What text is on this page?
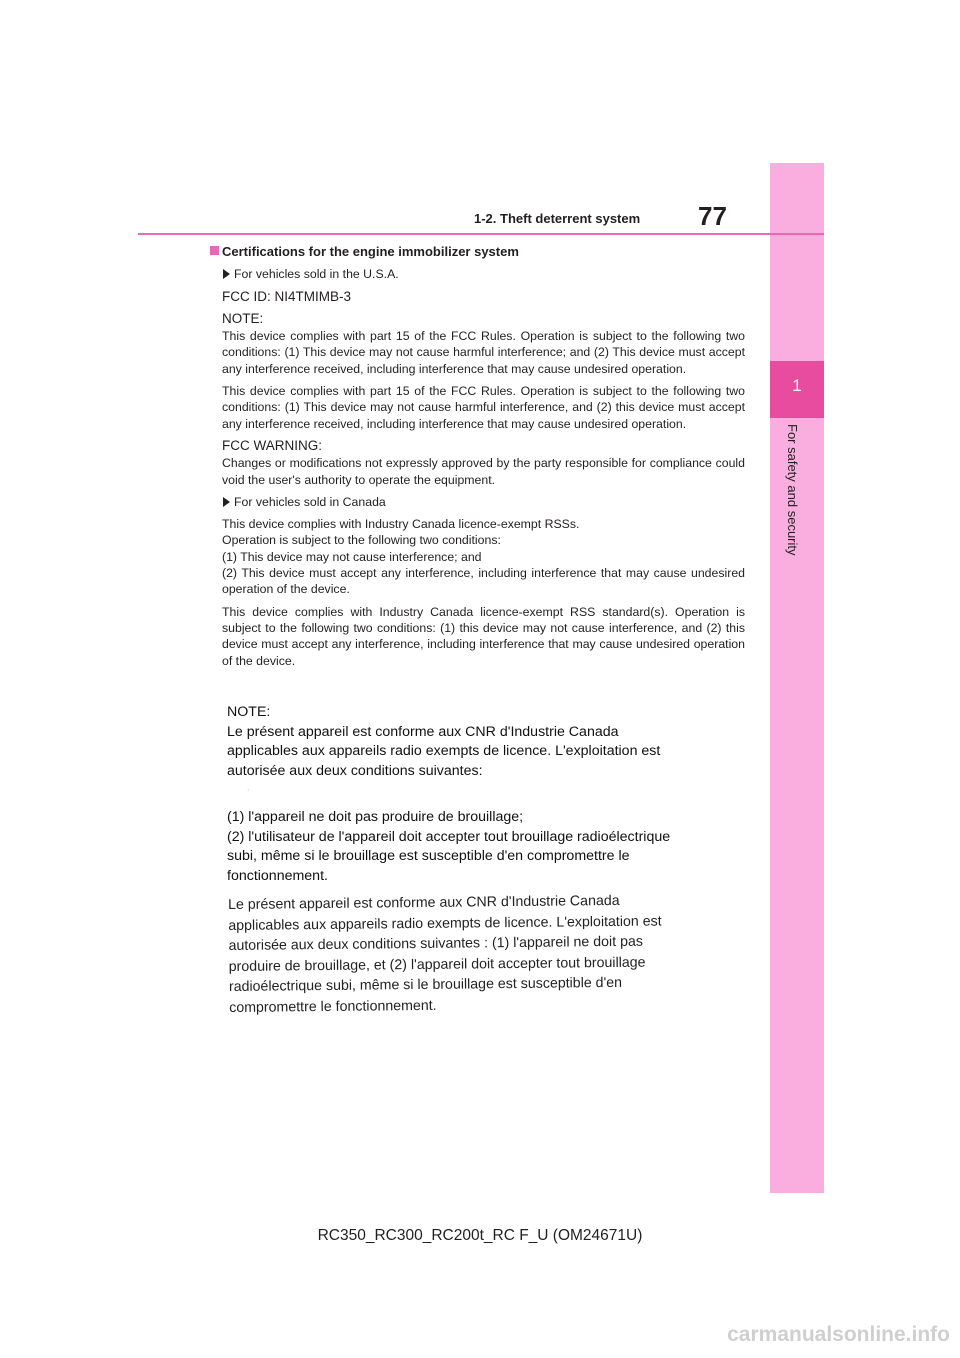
1
For safety and security
1-2. Theft deterrent system 77
Certifications for the engine immobilizer system
For vehicles sold in the U.S.A.

FCC ID: NI4TMIMB-3

NOTE:
This device complies with part 15 of the FCC Rules. Operation is subject to the following two conditions: (1) This device may not cause harmful interference; and (2) This device must accept any interference received, including interference that may cause undesired operation.

This device complies with part 15 of the FCC Rules. Operation is subject to the following two conditions: (1) This device may not cause harmful interference, and (2) this device must accept any interference received, including interference that may cause undesired operation.

FCC WARNING:
Changes or modifications not expressly approved by the party responsible for compliance could void the user's authority to operate the equipment.

For vehicles sold in Canada

This device complies with Industry Canada licence-exempt RSSs.
Operation is subject to the following two conditions:
(1) This device may not cause interference; and
(2) This device must accept any interference, including interference that may cause undesired operation of the device.

This device complies with Industry Canada licence-exempt RSS standard(s). Operation is subject to the following two conditions: (1) this device may not cause interference, and (2) this device must accept any interference, including interference that may cause undesired operation of the device.

NOTE:
Le présent appareil est conforme aux CNR d'Industrie Canada
applicables aux appareils radio exempts de licence. L'exploitation est
autorisée aux deux conditions suivantes:
·
(1) l'appareil ne doit pas produire de brouillage;
(2) l'utilisateur de l'appareil doit accepter tout brouillage radioélectrique
subi, même si le brouillage est susceptible d'en compromettre le
fonctionnement.
Le présent appareil est conforme aux CNR d'Industrie Canada
applicables aux appareils radio exempts de licence. L'exploitation est
autorisée aux deux conditions suivantes : (1) l'appareil ne doit pas
produire de brouillage, et (2) l'appareil doit accepter tout brouillage
radioélectrique subi, même si le brouillage est susceptible d'en
compromettre le fonctionnement.
RC350_RC300_RC200t_RC F_U (OM24671U)
carmanualsonline.info
